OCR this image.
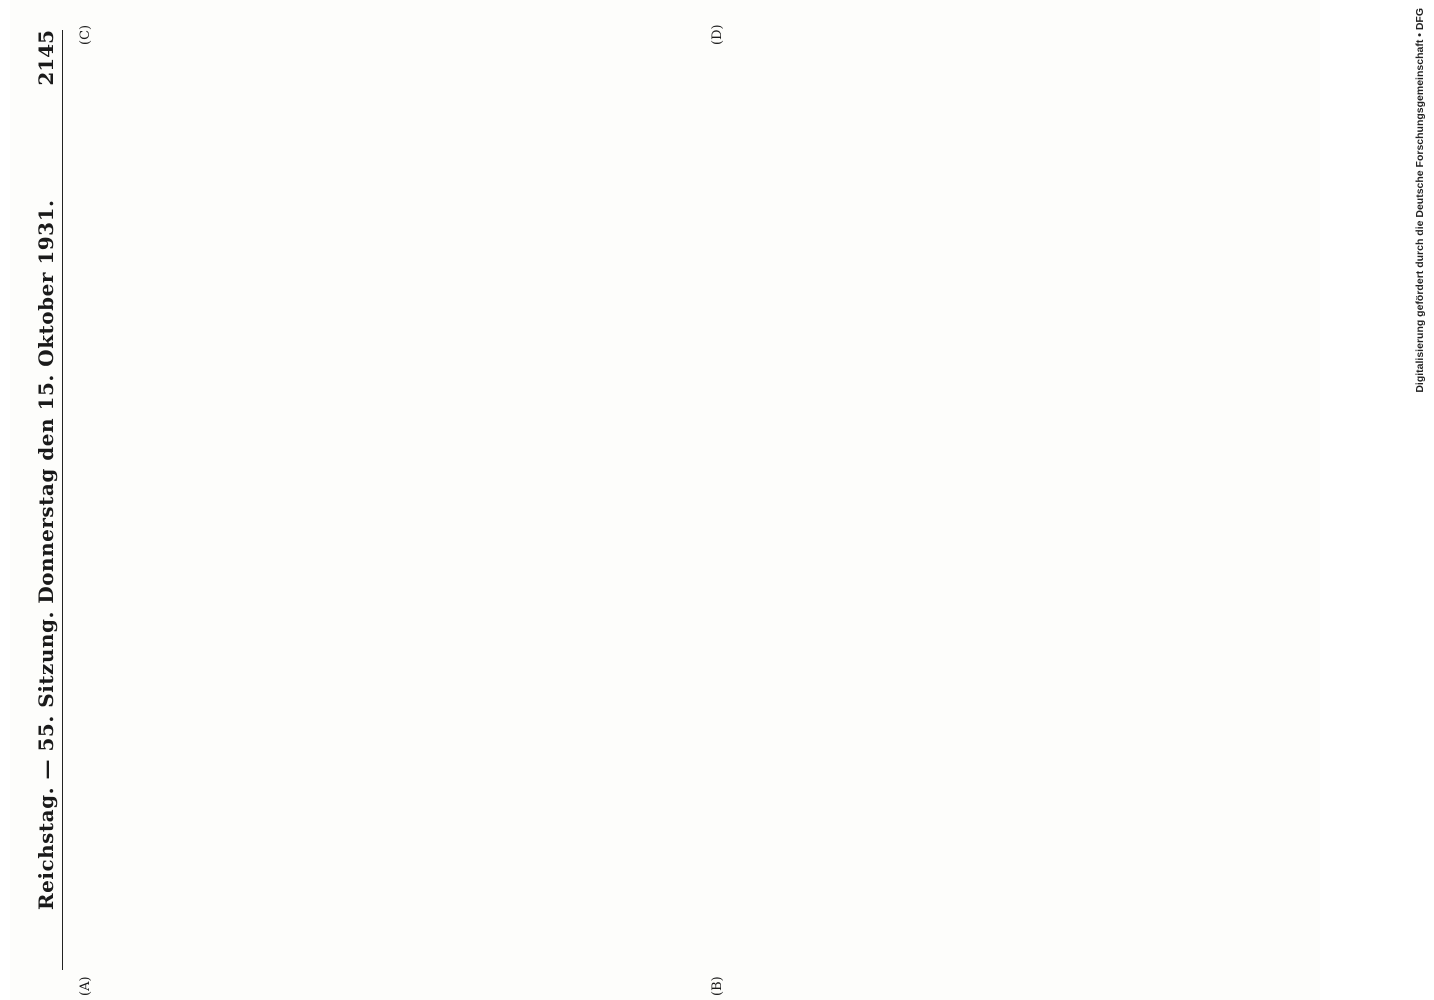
Reichstag. — 55. Sitzung. Donnerstag den 15. Oktober 1931.
2145
(A)	(B)
(C)	(D)	Digitalisierung gefördert durch die Deutsche Forschungsgemeinschaft • DFG
